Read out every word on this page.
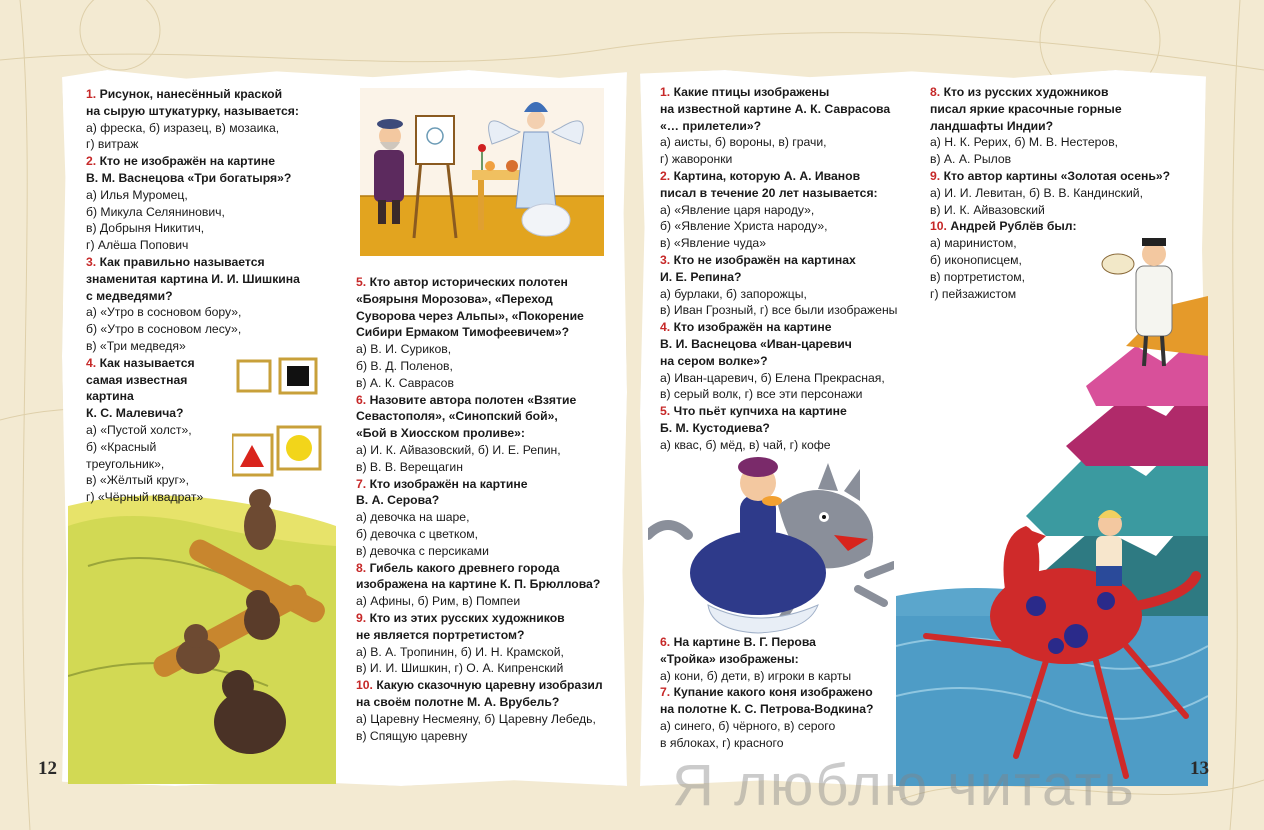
1. Рисунок, нанесённый краской

на сырую штукатурку, называется:

а) фреска, б) изразец, в) мозаика,

г) витраж

2. Кто не изображён на картине

В. М. Васнецова «Три богатыря»?

а) Илья Муромец,

б) Микула Селянинович,

в) Добрыня Никитич,

г) Алёша Попович

3. Как правильно называется

знаменитая картина И. И. Шишкина

с медведями?

а) «Утро в сосновом бору»,

б) «Утро в сосновом лесу»,

в) «Три медведя»

4. Как называется

самая известная

картина

К. С. Малевича?

а) «Пустой холст»,

б) «Красный

треугольник»,

в) «Жёлтый круг»,

г) «Чёрный квадрат»

5. Кто автор исторических полотен

«Боярыня Морозова», «Переход

Суворова через Альпы», «Покорение

Сибири Ермаком Тимофеевичем»?

а) В. И. Суриков,

б) В. Д. Поленов,

в) А. К. Саврасов

6. Назовите автора полотен «Взятие

Севастополя», «Синопский бой»,

«Бой в Хиосском проливе»:

а) И. К. Айвазовский, б) И. Е. Репин,

в) В. В. Верещагин

7. Кто изображён на картине

В. А. Серова?

а) девочка на шаре,

б) девочка с цветком,

в) девочка с персиками

8. Гибель какого древнего города

изображена на картине К. П. Брюллова?

а) Афины, б) Рим, в) Помпеи

9. Кто из этих русских художников

не является портретистом?

а) В. А. Тропинин, б) И. Н. Крамской,

в) И. И. Шишкин, г) О. А. Кипренский

10. Какую сказочную царевну изобразил

на своём полотне М. А. Врубель?

а) Царевну Несмеяну, б) Царевну Лебедь,

в) Спящую царевну

1. Какие птицы изображены

на известной картине А. К. Саврасова

«… прилетели»?

а) аисты, б) вороны, в) грачи,

г) жаворонки

2. Картина, которую А. А. Иванов

писал в течение 20 лет называется:

а) «Явление царя народу»,

б) «Явление Христа народу»,

в) «Явление чуда»

3. Кто не изображён на картинах

И. Е. Репина?

а) бурлаки, б) запорожцы,

в) Иван Грозный, г) все были изображены

4. Кто изображён на картине

В. И. Васнецова «Иван-царевич

на сером волке»?

а) Иван-царевич, б) Елена Прекрасная,

в) серый волк, г) все эти персонажи

5. Что пьёт купчиха на картине

Б. М. Кустодиева?

а) квас, б) мёд, в) чай, г) кофе

6. На картине В. Г. Перова

«Тройка» изображены:

а) кони, б) дети, в) игроки в карты

7. Купание какого коня изображено

на полотне К. С. Петрова-Водкина?

а) синего, б) чёрного, в) серого

в яблоках, г) красного

8. Кто из русских художников

писал яркие красочные горные

ландшафты Индии?

а) Н. К. Рерих, б) М. В. Нестеров,

в) А. А. Рылов

9. Кто автор картины «Золотая осень»?

а) И. И. Левитан, б) В. В. Кандинский,

в) И. К. Айвазовский

10. Андрей Рублёв был:

а) маринистом,

б) иконописцем,

в) портретистом,

г) пейзажистом

12	13
Я люблю читать
